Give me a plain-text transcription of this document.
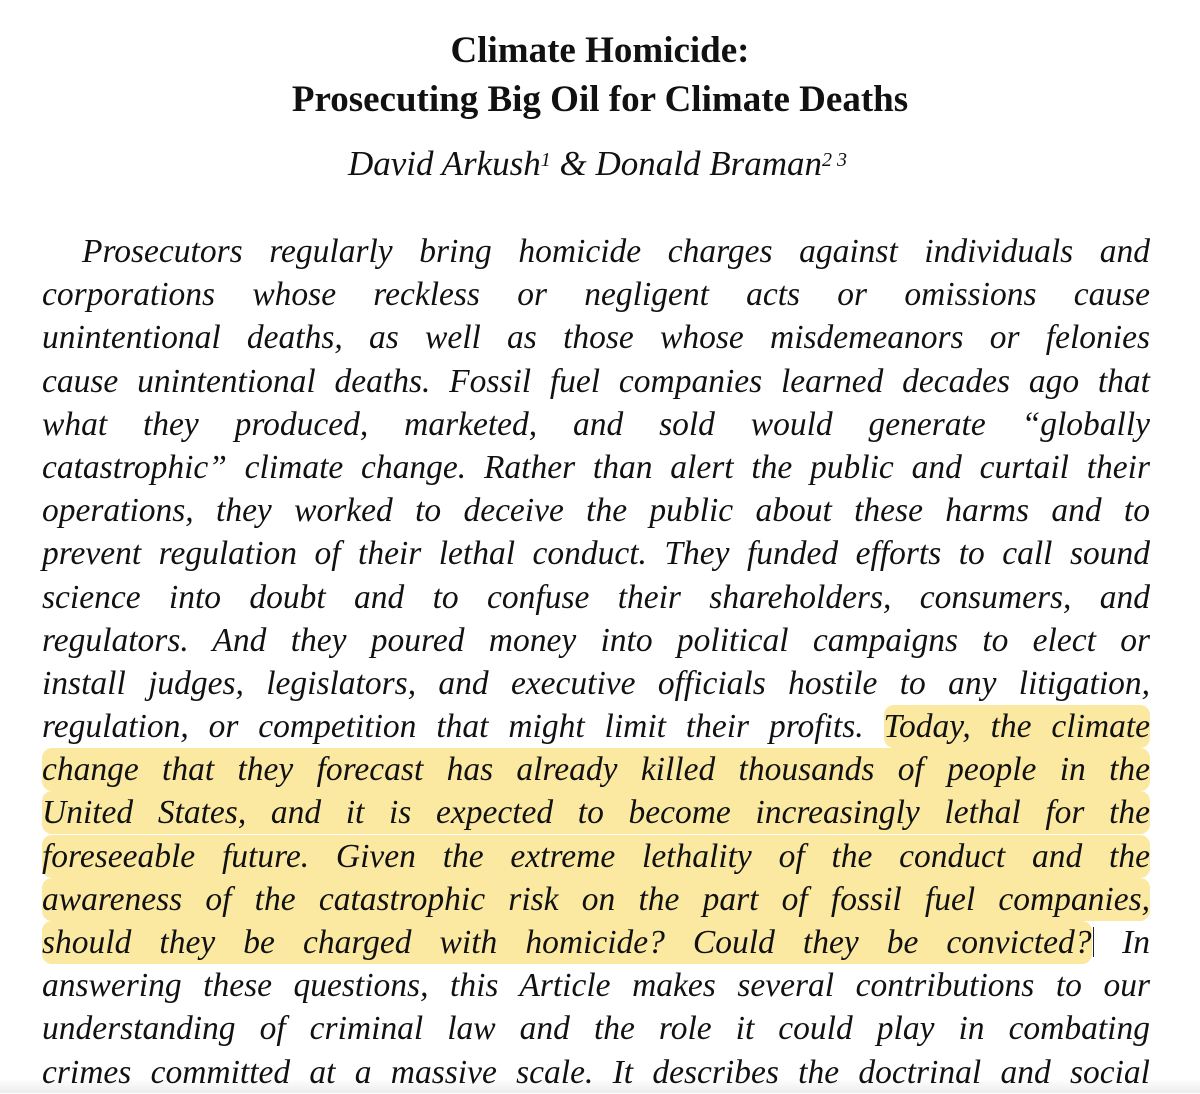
Climate Homicide:
Prosecuting Big Oil for Climate Deaths
David Arkush$^1$ & Donald Braman$^{2 3}$
Prosecutors regularly bring homicide charges against individuals and
corporations whose reckless or negligent acts or omissions cause
unintentional deaths, as well as those whose misdemeanors or felonies
cause unintentional deaths. Fossil fuel companies learned decades ago that
what they produced, marketed, and sold would generate “globally
catastrophic” climate change. Rather than alert the public and curtail their
operations, they worked to deceive the public about these harms and to
prevent regulation of their lethal conduct. They funded efforts to call sound
science into doubt and to confuse their shareholders, consumers, and
regulators. And they poured money into political campaigns to elect or
install judges, legislators, and executive officials hostile to any litigation,
regulation, or competition that might limit their profits. Today, the climate
change that they forecast has already killed thousands of people in the
United States, and it is expected to become increasingly lethal for the
foreseeable future. Given the extreme lethality of the conduct and the
awareness of the catastrophic risk on the part of fossil fuel companies,
should they be charged with homicide? Could they be convicted? In
answering these questions, this Article makes several contributions to our
understanding of criminal law and the role it could play in combating
crimes committed at a massive scale. It describes the doctrinal and social
